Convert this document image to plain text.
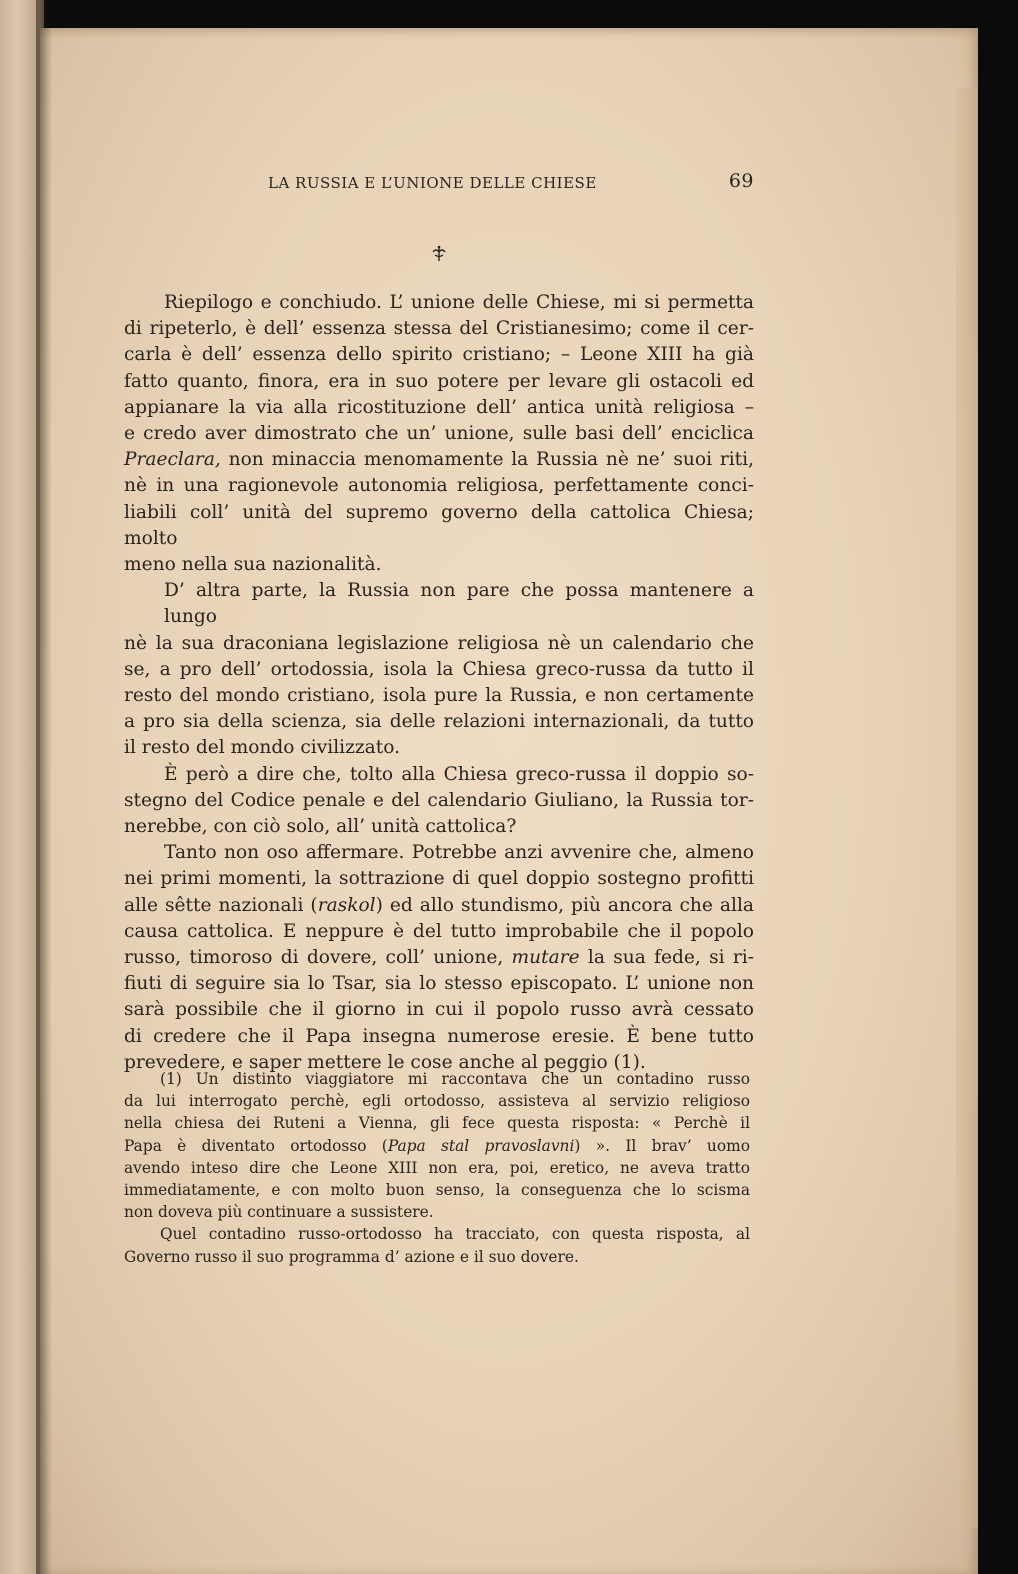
LA RUSSIA E L’UNIONE DELLE CHIESE	69
Riepilogo e conchiudo. L’ unione delle Chiese, mi si permetta
di ripeterlo, è dell’ essenza stessa del Cristianesimo; come il cer-
carla è dell’ essenza dello spirito cristiano; – Leone XIII ha già
fatto quanto, finora, era in suo potere per levare gli ostacoli ed
appianare la via alla ricostituzione dell’ antica unità religiosa –
e credo aver dimostrato che un’ unione, sulle basi dell’ enciclica
Praeclara, non minaccia menomamente la Russia nè ne’ suoi riti,
nè in una ragionevole autonomia religiosa, perfettamente conci-
liabili coll’ unità del supremo governo della cattolica Chiesa; molto
meno nella sua nazionalità.
D’ altra parte, la Russia non pare che possa mantenere a lungo
nè la sua draconiana legislazione religiosa nè un calendario che
se, a pro dell’ ortodossia, isola la Chiesa greco-russa da tutto il
resto del mondo cristiano, isola pure la Russia, e non certamente
a pro sia della scienza, sia delle relazioni internazionali, da tutto
il resto del mondo civilizzato.
È però a dire che, tolto alla Chiesa greco-russa il doppio so-
stegno del Codice penale e del calendario Giuliano, la Russia tor-
nerebbe, con ciò solo, all’ unità cattolica?
Tanto non oso affermare. Potrebbe anzi avvenire che, almeno
nei primi momenti, la sottrazione di quel doppio sostegno profitti
alle sêtte nazionali (raskol) ed allo stundismo, più ancora che alla
causa cattolica. E neppure è del tutto improbabile che il popolo
russo, timoroso di dovere, coll’ unione, mutare la sua fede, si ri-
fiuti di seguire sia lo Tsar, sia lo stesso episcopato. L’ unione non
sarà possibile che il giorno in cui il popolo russo avrà cessato
di credere che il Papa insegna numerose eresie. È bene tutto
prevedere, e saper mettere le cose anche al peggio (1).
(1) Un distinto viaggiatore mi raccontava che un contadino russo
da lui interrogato perchè, egli ortodosso, assisteva al servizio religioso
nella chiesa dei Ruteni a Vienna, gli fece questa risposta: « Perchè il
Papa è diventato ortodosso (Papa stal pravoslavni) ». Il brav’ uomo
avendo inteso dire che Leone XIII non era, poi, eretico, ne aveva tratto
immediatamente, e con molto buon senso, la conseguenza che lo scisma
non doveva più continuare a sussistere.
Quel contadino russo-ortodosso ha tracciato, con questa risposta, al
Governo russo il suo programma d’ azione e il suo dovere.
